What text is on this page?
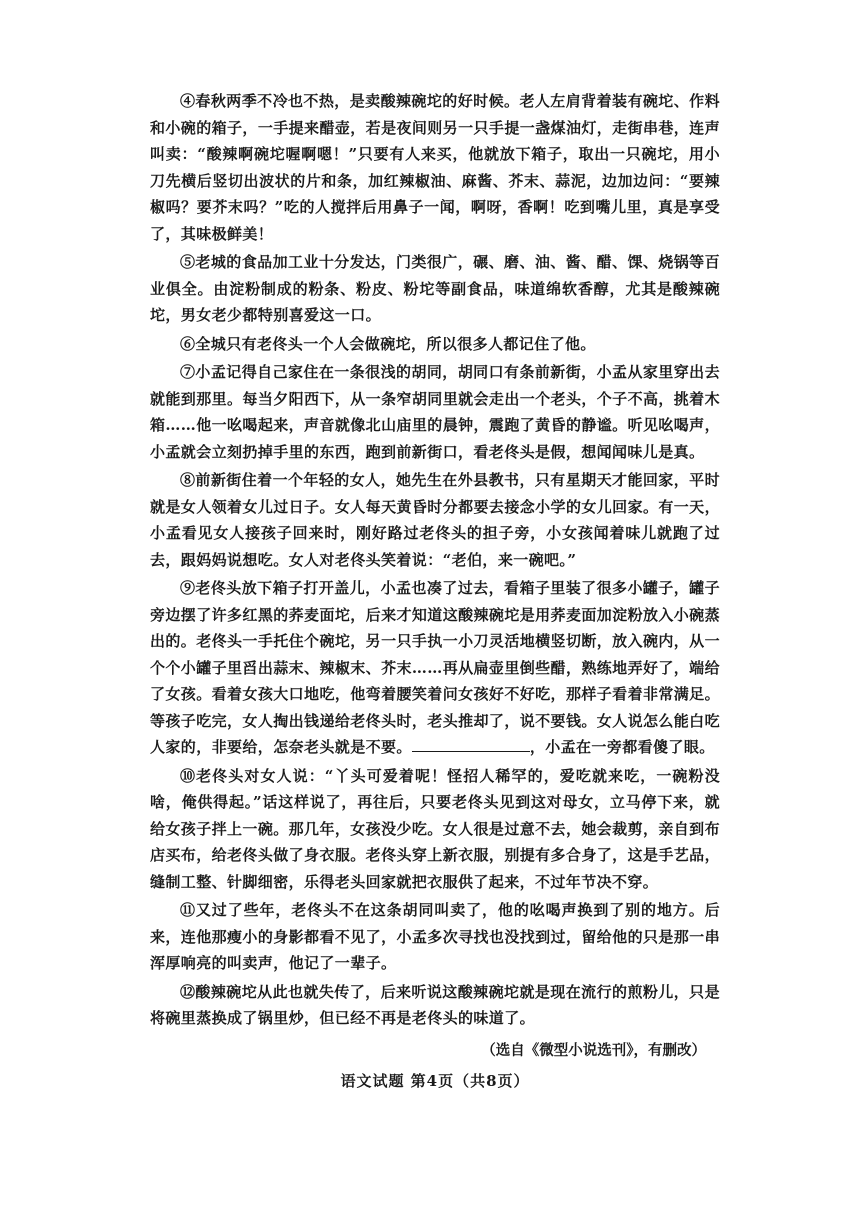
④春秋两季不冷也不热，是卖酸辣碗坨的好时候。老人左肩背着装有碗坨、作料和小碗的箱子，一手提来醋壶，若是夜间则另一只手提一盏煤油灯，走街串巷，连声叫卖：“酸辣啊碗坨喔啊嗯！”只要有人来买，他就放下箱子，取出一只碗坨，用小刀先横后竖切出波状的片和条，加红辣椒油、麻酱、芥末、蒜泥，边加边问：“要辣椒吗？要芥末吗？”吃的人搅拌后用鼻子一闻，啊呀，香啊！吃到嘴儿里，真是享受了，其味极鲜美！

⑤老城的食品加工业十分发达，门类很广，碾、磨、油、酱、醋、馃、烧锅等百业俱全。由淀粉制成的粉条、粉皮、粉坨等副食品，味道绵软香醇，尤其是酸辣碗坨，男女老少都特别喜爱这一口。

⑥全城只有老佟头一个人会做碗坨，所以很多人都记住了他。

⑦小孟记得自己家住在一条很浅的胡同，胡同口有条前新街，小孟从家里穿出去就能到那里。每当夕阳西下，从一条窄胡同里就会走出一个老头，个子不高，挑着木箱……他一吆喝起来，声音就像北山庙里的晨钟，震跑了黄昏的静谧。听见吆喝声，小孟就会立刻扔掉手里的东西，跑到前新街口，看老佟头是假，想闻闻味儿是真。

⑧前新街住着一个年轻的女人，她先生在外县教书，只有星期天才能回家，平时就是女人领着女儿过日子。女人每天黄昏时分都要去接念小学的女儿回家。有一天，小孟看见女人接孩子回来时，刚好路过老佟头的担子旁，小女孩闻着味儿就跑了过去，跟妈妈说想吃。女人对老佟头笑着说：“老伯，来一碗吧。”

⑨老佟头放下箱子打开盖儿，小孟也凑了过去，看箱子里装了很多小罐子，罐子旁边摆了许多红黑的荞麦面坨，后来才知道这酸辣碗坨是用荞麦面加淀粉放入小碗蒸出的。老佟头一手托住个碗坨，另一只手执一小刀灵活地横竖切断，放入碗内，从一个个小罐子里舀出蒜末、辣椒末、芥末……再从扁壶里倒些醋，熟练地弄好了，端给了女孩。看着女孩大口地吃，他弯着腰笑着问女孩好不好吃，那样子看着非常满足。等孩子吃完，女人掏出钱递给老佟头时，老头推却了，说不要钱。女人说怎么能白吃人家的，非要给，怎奈老头就是不要。	，小孟在一旁都看傻了眼。

⑩老佟头对女人说：“丫头可爱着呢！怪招人稀罕的，爱吃就来吃，一碗粉没啥，俺供得起。”话这样说了，再往后，只要老佟头见到这对母女，立马停下来，就给女孩子拌上一碗。那几年，女孩没少吃。女人很是过意不去，她会裁剪，亲自到布店买布，给老佟头做了身衣服。老佟头穿上新衣服，别提有多合身了，这是手艺品，缝制工整、针脚细密，乐得老头回家就把衣服供了起来，不过年节决不穿。

⑪又过了些年，老佟头不在这条胡同叫卖了，他的吆喝声换到了别的地方。后来，连他那瘦小的身影都看不见了，小孟多次寻找也没找到过，留给他的只是那一串浑厚响亮的叫卖声，他记了一辈子。

⑫酸辣碗坨从此也就失传了，后来听说这酸辣碗坨就是现在流行的煎粉儿，只是将碗里蒸换成了锅里炒，但已经不再是老佟头的味道了。

（选自《微型小说选刊》，有删改）
语文试题 第4页（共8页）
